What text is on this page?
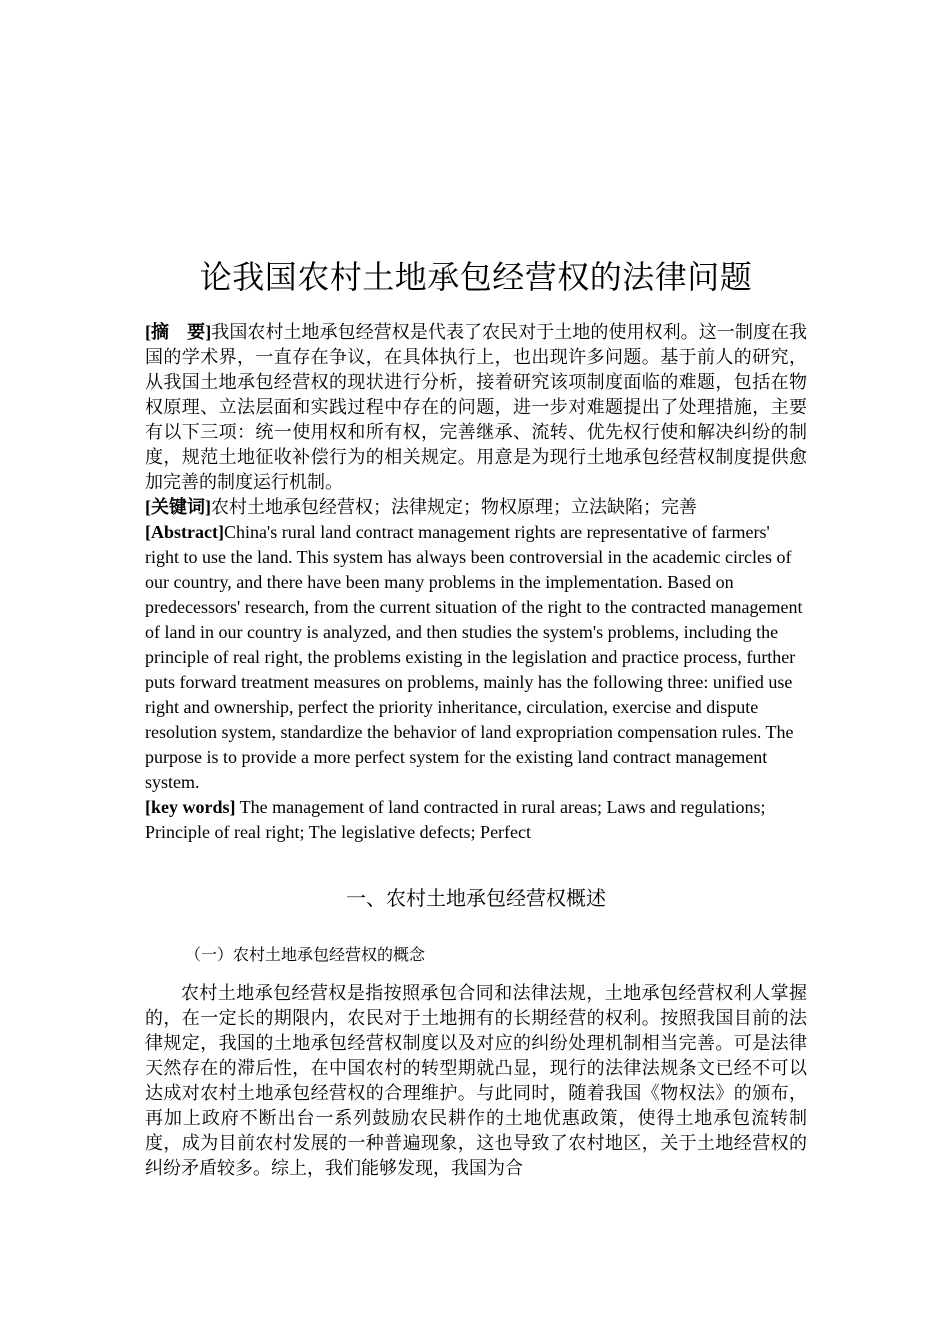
论我国农村土地承包经营权的法律问题

[摘　要]我国农村土地承包经营权是代表了农民对于土地的使用权利。这一制度在我国的学术界，一直存在争议，在具体执行上，也出现许多问题。基于前人的研究，从我国土地承包经营权的现状进行分析，接着研究该项制度面临的难题，包括在物权原理、立法层面和实践过程中存在的问题，进一步对难题提出了处理措施，主要有以下三项：统一使用权和所有权，完善继承、流转、优先权行使和解决纠纷的制度，规范土地征收补偿行为的相关规定。用意是为现行土地承包经营权制度提供愈加完善的制度运行机制。

[关键词]农村土地承包经营权；法律规定；物权原理；立法缺陷；完善

[Abstract]China's rural land contract management rights are representative of farmers' right to use the land. This system has always been controversial in the academic circles of our country, and there have been many problems in the implementation. Based on predecessors' research, from the current situation of the right to the contracted management of land in our country is analyzed, and then studies the system's problems, including the principle of real right, the problems existing in the legislation and practice process, further puts forward treatment measures on problems, mainly has the following three: unified use right and ownership, perfect the priority inheritance, circulation, exercise and dispute resolution system, standardize the behavior of land expropriation compensation rules. The purpose is to provide a more perfect system for the existing land contract management system.

[key words] The management of land contracted in rural areas; Laws and regulations; Principle of real right; The legislative defects; Perfect

一、农村土地承包经营权概述
（一）农村土地承包经营权的概念

农村土地承包经营权是指按照承包合同和法律法规，土地承包经营权利人掌握的，在一定长的期限内，农民对于土地拥有的长期经营的权利。按照我国目前的法律规定，我国的土地承包经营权制度以及对应的纠纷处理机制相当完善。可是法律天然存在的滞后性，在中国农村的转型期就凸显，现行的法律法规条文已经不可以达成对农村土地承包经营权的合理维护。与此同时，随着我国《物权法》的颁布，再加上政府不断出台一系列鼓励农民耕作的土地优惠政策，使得土地承包流转制度，成为目前农村发展的一种普遍现象，这也导致了农村地区，关于土地经营权的纠纷矛盾较多。综上，我们能够发现，我国为合
